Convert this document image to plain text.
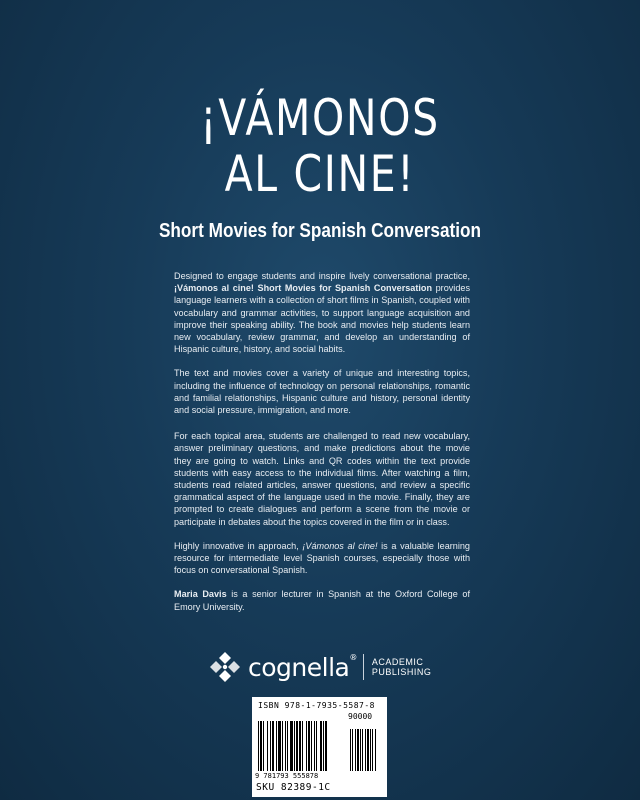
¡VÁMONOS
AL CINE!
Short Movies for Spanish Conversation

Designed to engage students and inspire lively conversational practice, ¡Vámonos al cine! Short Movies for Spanish Conversation provides language learners with a collection of short films in Spanish, coupled with vocabulary and grammar activities, to support language acquisition and improve their speaking ability. The book and movies help students learn new vocabulary, review grammar, and develop an understanding of Hispanic culture, history, and social habits.

The text and movies cover a variety of unique and interesting topics, including the influence of technology on personal relationships, romantic and familial relationships, Hispanic culture and history, personal identity and social pressure, immigration, and more.

For each topical area, students are challenged to read new vocabulary, answer preliminary questions, and make predictions about the movie they are going to watch. Links and QR codes within the text provide students with easy access to the individual films. After watching a film, students read related articles, answer questions, and review a specific grammatical aspect of the language used in the movie. Finally, they are prompted to create dialogues and perform a scene from the movie or participate in debates about the topics covered in the film or in class.

Highly innovative in approach, ¡Vámonos al cine! is a valuable learning resource for intermediate level Spanish courses, especially those with focus on conversational Spanish.

Maria Davis is a senior lecturer in Spanish at the Oxford College of Emory University.

cognella® ACADEMIC
PUBLISHING
ISBN 978-1-7935-5587-8
90000
9 781793 555878
SKU 82389-1C
